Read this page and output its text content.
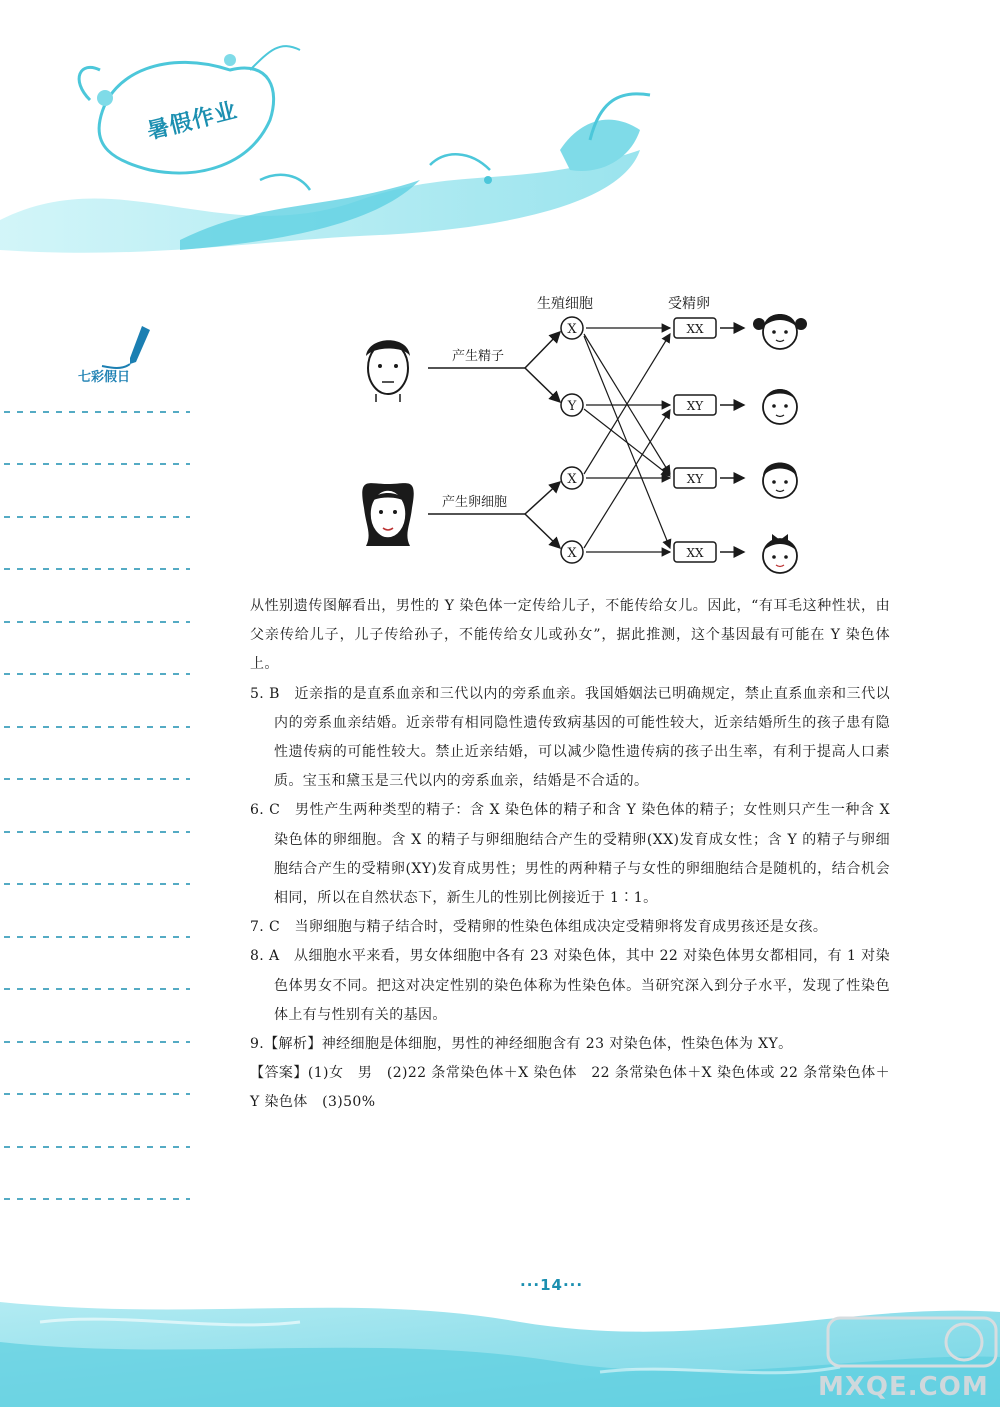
暑假作业
七彩假日
生殖细胞	受精卵
产生精子
产生卵细胞
X
Y
X
X
XX
XY
XY
XX

从性别遗传图解看出，男性的 Y 染色体一定传给儿子，不能传给女儿。因此，“有耳毛这种性状，由父亲传给儿子，儿子传给孙子，不能传给女儿或孙女”，据此推测，这个基因最有可能在 Y 染色体上。

5. B　近亲指的是直系血亲和三代以内的旁系血亲。我国婚姻法已明确规定，禁止直系血亲和三代以内的旁系血亲结婚。近亲带有相同隐性遗传致病基因的可能性较大，近亲结婚所生的孩子患有隐性遗传病的可能性较大。禁止近亲结婚，可以减少隐性遗传病的孩子出生率，有利于提高人口素质。宝玉和黛玉是三代以内的旁系血亲，结婚是不合适的。

6. C　男性产生两种类型的精子：含 X 染色体的精子和含 Y 染色体的精子；女性则只产生一种含 X 染色体的卵细胞。含 X 的精子与卵细胞结合产生的受精卵(XX)发育成女性；含 Y 的精子与卵细胞结合产生的受精卵(XY)发育成男性；男性的两种精子与女性的卵细胞结合是随机的，结合机会相同，所以在自然状态下，新生儿的性别比例接近于 1∶1。

7. C　当卵细胞与精子结合时，受精卵的性染色体组成决定受精卵将发育成男孩还是女孩。

8. A　从细胞水平来看，男女体细胞中各有 23 对染色体，其中 22 对染色体男女都相同，有 1 对染色体男女不同。把这对决定性别的染色体称为性染色体。当研究深入到分子水平，发现了性染色体上有与性别有关的基因。

9.【解析】神经细胞是体细胞，男性的神经细胞含有 23 对染色体，性染色体为 XY。

【答案】(1)女　男　(2)22 条常染色体＋X 染色体　22 条常染色体＋X 染色体或 22 条常染色体＋Y 染色体　(3)50%

···14···
MXQE.COM
